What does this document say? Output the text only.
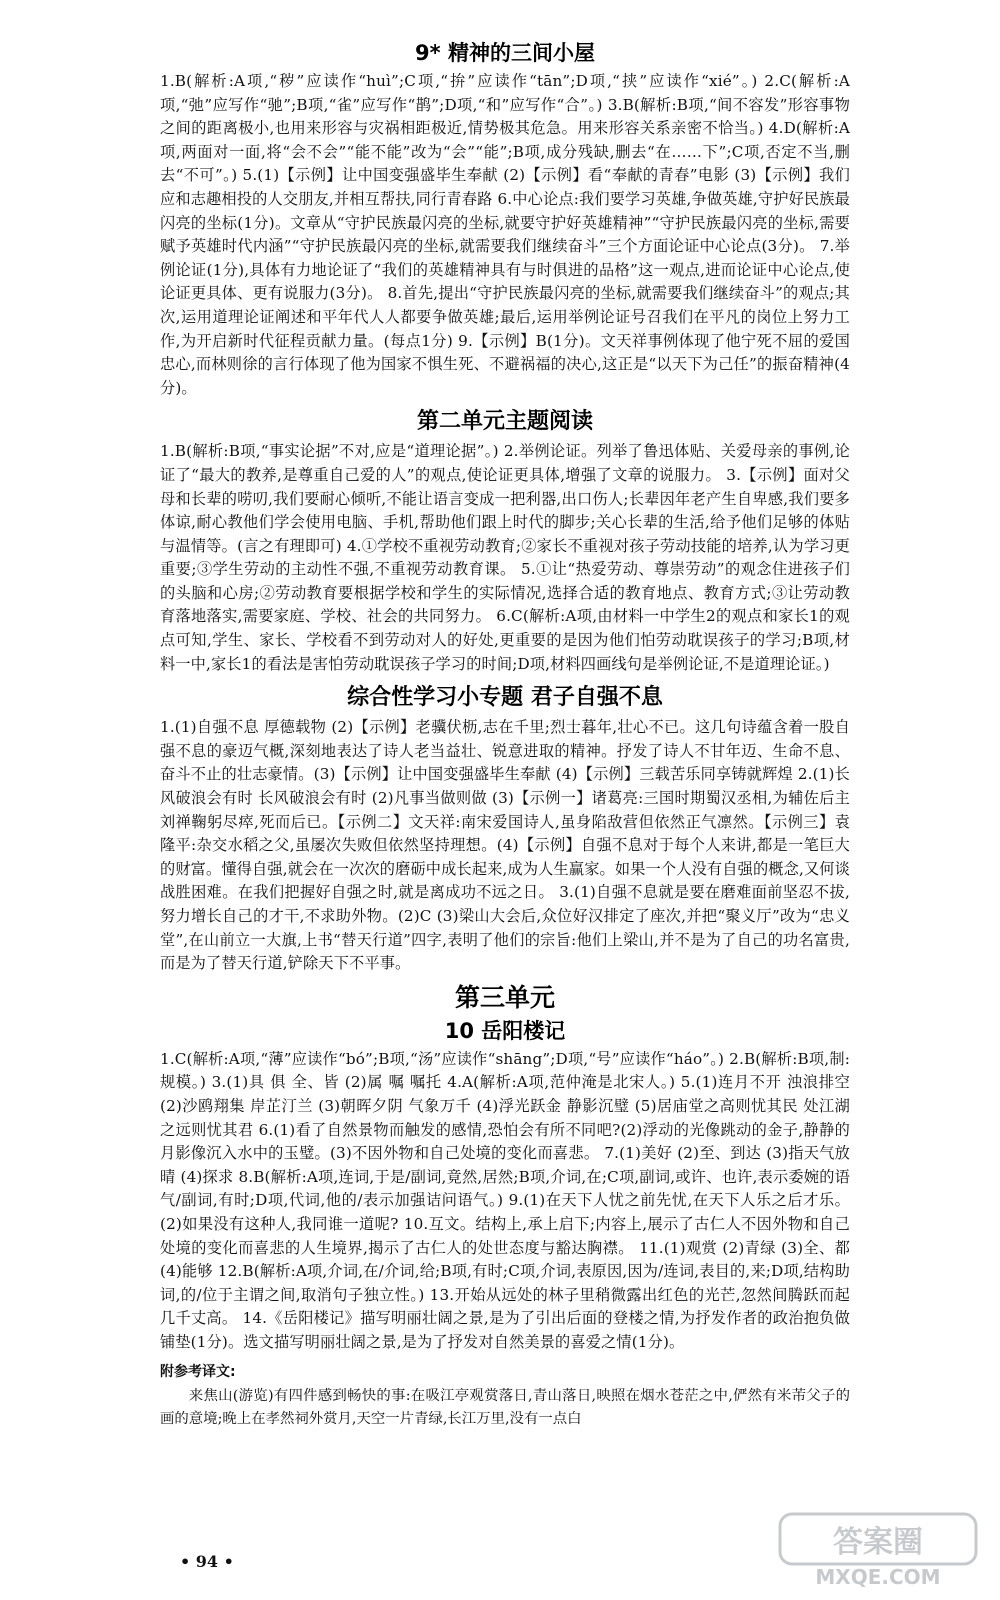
9* 精神的三间小屋

1.B(解析:A项,“秽”应读作“huì”;C项,“拚”应读作“tān”;D项,“挟”应读作“xié”。) 2.C(解析:A项,“弛”应写作“驰”;B项,“雀”应写作“鹊”;D项,“和”应写作“合”。) 3.B(解析:B项,“间不容发”形容事物之间的距离极小,也用来形容与灾祸相距极近,情势极其危急。用来形容关系亲密不恰当。) 4.D(解析:A项,两面对一面,将“会不会”“能不能”改为“会”“能”;B项,成分残缺,删去“在……下”;C项,否定不当,删去“不可”。) 5.(1)【示例】让中国变强盛毕生奉献 (2)【示例】看“奉献的青春”电影 (3)【示例】我们应和志趣相投的人交朋友,并相互帮扶,同行青春路 6.中心论点:我们要学习英雄,争做英雄,守护好民族最闪亮的坐标(1分)。文章从“守护民族最闪亮的坐标,就要守护好英雄精神”“守护民族最闪亮的坐标,需要赋予英雄时代内涵”“守护民族最闪亮的坐标,就需要我们继续奋斗”三个方面论证中心论点(3分)。 7.举例论证(1分),具体有力地论证了“我们的英雄精神具有与时俱进的品格”这一观点,进而论证中心论点,使论证更具体、更有说服力(3分)。 8.首先,提出“守护民族最闪亮的坐标,就需要我们继续奋斗”的观点;其次,运用道理论证阐述和平年代人人都要争做英雄;最后,运用举例论证号召我们在平凡的岗位上努力工作,为开启新时代征程贡献力量。(每点1分) 9.【示例】B(1分)。文天祥事例体现了他宁死不屈的爱国忠心,而林则徐的言行体现了他为国家不惧生死、不避祸福的决心,这正是“以天下为己任”的振奋精神(4分)。

第二单元主题阅读

1.B(解析:B项,“事实论据”不对,应是“道理论据”。) 2.举例论证。列举了鲁迅体贴、关爱母亲的事例,论证了“最大的教养,是尊重自己爱的人”的观点,使论证更具体,增强了文章的说服力。 3.【示例】面对父母和长辈的唠叨,我们要耐心倾听,不能让语言变成一把利器,出口伤人;长辈因年老产生自卑感,我们要多体谅,耐心教他们学会使用电脑、手机,帮助他们跟上时代的脚步;关心长辈的生活,给予他们足够的体贴与温情等。(言之有理即可) 4.①学校不重视劳动教育;②家长不重视对孩子劳动技能的培养,认为学习更重要;③学生劳动的主动性不强,不重视劳动教育课。 5.①让“热爱劳动、尊崇劳动”的观念住进孩子们的头脑和心房;②劳动教育要根据学校和学生的实际情况,选择合适的教育地点、教育方式;③让劳动教育落地落实,需要家庭、学校、社会的共同努力。 6.C(解析:A项,由材料一中学生2的观点和家长1的观点可知,学生、家长、学校看不到劳动对人的好处,更重要的是因为他们怕劳动耽误孩子的学习;B项,材料一中,家长1的看法是害怕劳动耽误孩子学习的时间;D项,材料四画线句是举例论证,不是道理论证。)

综合性学习小专题 君子自强不息

1.(1)自强不息 厚德载物 (2)【示例】老骥伏枥,志在千里;烈士暮年,壮心不已。这几句诗蕴含着一股自强不息的豪迈气概,深刻地表达了诗人老当益壮、锐意进取的精神。抒发了诗人不甘年迈、生命不息、奋斗不止的壮志豪情。(3)【示例】让中国变强盛毕生奉献 (4)【示例】三载苦乐同享铸就辉煌 2.(1)长风破浪会有时 长风破浪会有时 (2)凡事当做则做 (3)【示例一】诸葛亮:三国时期蜀汉丞相,为辅佐后主刘禅鞠躬尽瘁,死而后已。【示例二】文天祥:南宋爱国诗人,虽身陷敌营但依然正气凛然。【示例三】袁隆平:杂交水稻之父,虽屡次失败但依然坚持理想。(4)【示例】自强不息对于每个人来讲,都是一笔巨大的财富。懂得自强,就会在一次次的磨砺中成长起来,成为人生赢家。如果一个人没有自强的概念,又何谈战胜困难。在我们把握好自强之时,就是离成功不远之日。 3.(1)自强不息就是要在磨难面前坚忍不拔,努力增长自己的才干,不求助外物。(2)C (3)梁山大会后,众位好汉排定了座次,并把“聚义厅”改为“忠义堂”,在山前立一大旗,上书“替天行道”四字,表明了他们的宗旨:他们上梁山,并不是为了自己的功名富贵,而是为了替天行道,铲除天下不平事。

第三单元
10 岳阳楼记

1.C(解析:A项,“薄”应读作“bó”;B项,“汤”应读作“shāng”;D项,“号”应读作“háo”。) 2.B(解析:B项,制:规模。) 3.(1)具 俱 全、皆 (2)属 嘱 嘱托 4.A(解析:A项,范仲淹是北宋人。) 5.(1)连月不开 浊浪排空 (2)沙鸥翔集 岸芷汀兰 (3)朝晖夕阴 气象万千 (4)浮光跃金 静影沉璧 (5)居庙堂之高则忧其民 处江湖之远则忧其君 6.(1)看了自然景物而触发的感情,恐怕会有所不同吧?(2)浮动的光像跳动的金子,静静的月影像沉入水中的玉璧。(3)不因外物和自己处境的变化而喜悲。 7.(1)美好 (2)至、到达 (3)指天气放晴 (4)探求 8.B(解析:A项,连词,于是/副词,竟然,居然;B项,介词,在;C项,副词,或许、也许,表示委婉的语气/副词,有时;D项,代词,他的/表示加强诘问语气。) 9.(1)在天下人忧之前先忧,在天下人乐之后才乐。(2)如果没有这种人,我同谁一道呢? 10.互文。结构上,承上启下;内容上,展示了古仁人不因外物和自己处境的变化而喜悲的人生境界,揭示了古仁人的处世态度与豁达胸襟。 11.(1)观赏 (2)青绿 (3)全、都 (4)能够 12.B(解析:A项,介词,在/介词,给;B项,有时;C项,介词,表原因,因为/连词,表目的,来;D项,结构助词,的/位于主谓之间,取消句子独立性。) 13.开始从远处的林子里稍微露出红色的光芒,忽然间腾跃而起几千丈高。 14.《岳阳楼记》描写明丽壮阔之景,是为了引出后面的登楼之情,为抒发作者的政治抱负做铺垫(1分)。选文描写明丽壮阔之景,是为了抒发对自然美景的喜爱之情(1分)。

附参考译文:

来焦山(游览)有四件感到畅快的事:在吸江亭观赏落日,青山落日,映照在烟水苍茫之中,俨然有米芾父子的画的意境;晚上在孝然祠外赏月,天空一片青绿,长江万里,没有一点白

• 94 •
答案圈
MXQE.COM
